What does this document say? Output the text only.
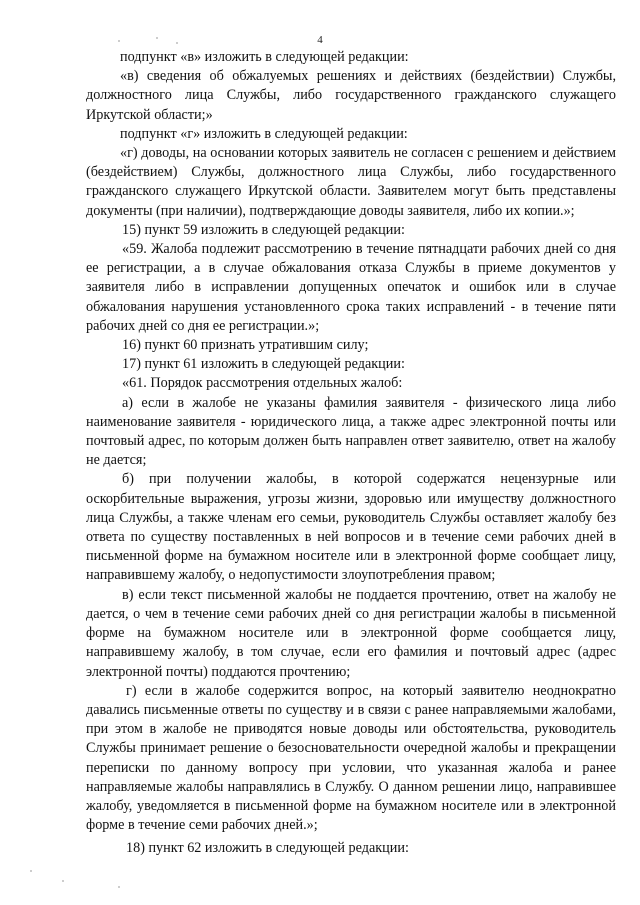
4

подпункт «в» изложить в следующей редакции:

«в) сведения об обжалуемых решениях и действиях (бездействии) Службы, должностного лица Службы, либо государственного гражданского служащего Иркутской области;»

подпункт «г» изложить в следующей редакции:

«г) доводы, на основании которых заявитель не согласен с решением и действием (бездействием) Службы, должностного лица Службы, либо государственного гражданского служащего Иркутской области. Заявителем могут быть представлены документы (при наличии), подтверждающие доводы заявителя, либо их копии.»;

15) пункт 59 изложить в следующей редакции:

«59. Жалоба подлежит рассмотрению в течение пятнадцати рабочих дней со дня ее регистрации, а в случае обжалования отказа Службы в приеме документов у заявителя либо в исправлении допущенных опечаток и ошибок или в случае обжалования нарушения установленного срока таких исправлений - в течение пяти рабочих дней со дня ее регистрации.»;

16) пункт 60 признать утратившим силу;

17) пункт 61 изложить в следующей редакции:

«61. Порядок рассмотрения отдельных жалоб:

а) если в жалобе не указаны фамилия заявителя - физического лица либо наименование заявителя - юридического лица, а также адрес электронной почты или почтовый адрес, по которым должен быть направлен ответ заявителю, ответ на жалобу не дается;

б) при получении жалобы, в которой содержатся нецензурные или оскорбительные выражения, угрозы жизни, здоровью или имуществу должностного лица Службы, а также членам его семьи, руководитель Службы оставляет жалобу без ответа по существу поставленных в ней вопросов и в течение семи рабочих дней в письменной форме на бумажном носителе или в электронной форме сообщает лицу, направившему жалобу, о недопустимости злоупотребления правом;

в) если текст письменной жалобы не поддается прочтению, ответ на жалобу не дается, о чем в течение семи рабочих дней со дня регистрации жалобы в письменной форме на бумажном носителе или в электронной форме сообщается лицу, направившему жалобу, в том случае, если его фамилия и почтовый адрес (адрес электронной почты) поддаются прочтению;

г) если в жалобе содержится вопрос, на который заявителю неоднократно давались письменные ответы по существу и в связи с ранее направляемыми жалобами, при этом в жалобе не приводятся новые доводы или обстоятельства, руководитель Службы принимает решение о безосновательности очередной жалобы и прекращении переписки по данному вопросу при условии, что указанная жалоба и ранее направляемые жалобы направлялись в Службу. О данном решении лицо, направившее жалобу, уведомляется в письменной форме на бумажном носителе или в электронной форме в течение семи рабочих дней.»;

18) пункт 62 изложить в следующей редакции:
